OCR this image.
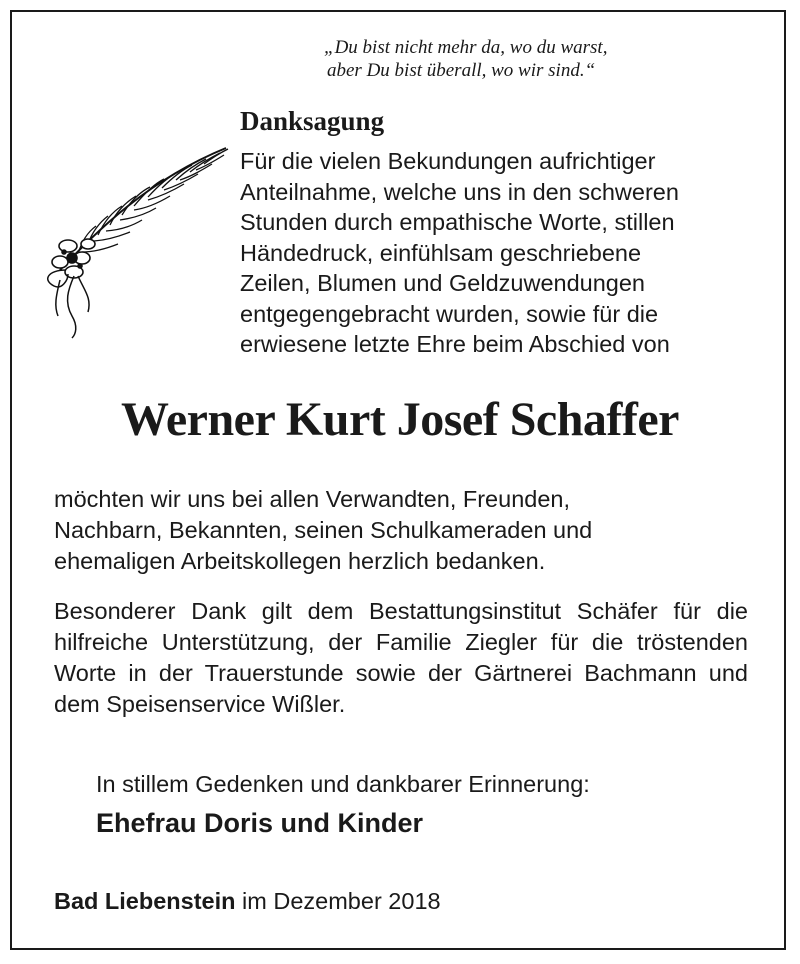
„Du bist nicht mehr da, wo du warst,
aber Du bist überall, wo wir sind.“
Danksagung
Für die vielen Bekundungen aufrichtiger
Anteilnahme, welche uns in den schweren
Stunden durch empathische Worte, stillen
Händedruck, einfühlsam geschriebene
Zeilen, Blumen und Geldzuwendungen
entgegengebracht wurden, sowie für die
erwiesene letzte Ehre beim Abschied von
Werner Kurt Josef Schaffer
möchten wir uns bei allen Verwandten, Freunden,
Nachbarn, Bekannten, seinen Schulkameraden und
ehemaligen Arbeitskollegen herzlich bedanken.
Besonderer Dank gilt dem Bestattungsinstitut Schäfer für die hilfreiche Unterstützung, der Familie Ziegler für die tröstenden Worte in der Trauerstunde sowie der Gärtnerei Bachmann und dem Speisenservice Wißler.
In stillem Gedenken und dankbarer Erinnerung:
Ehefrau Doris und Kinder
Bad Liebenstein im Dezember 2018
